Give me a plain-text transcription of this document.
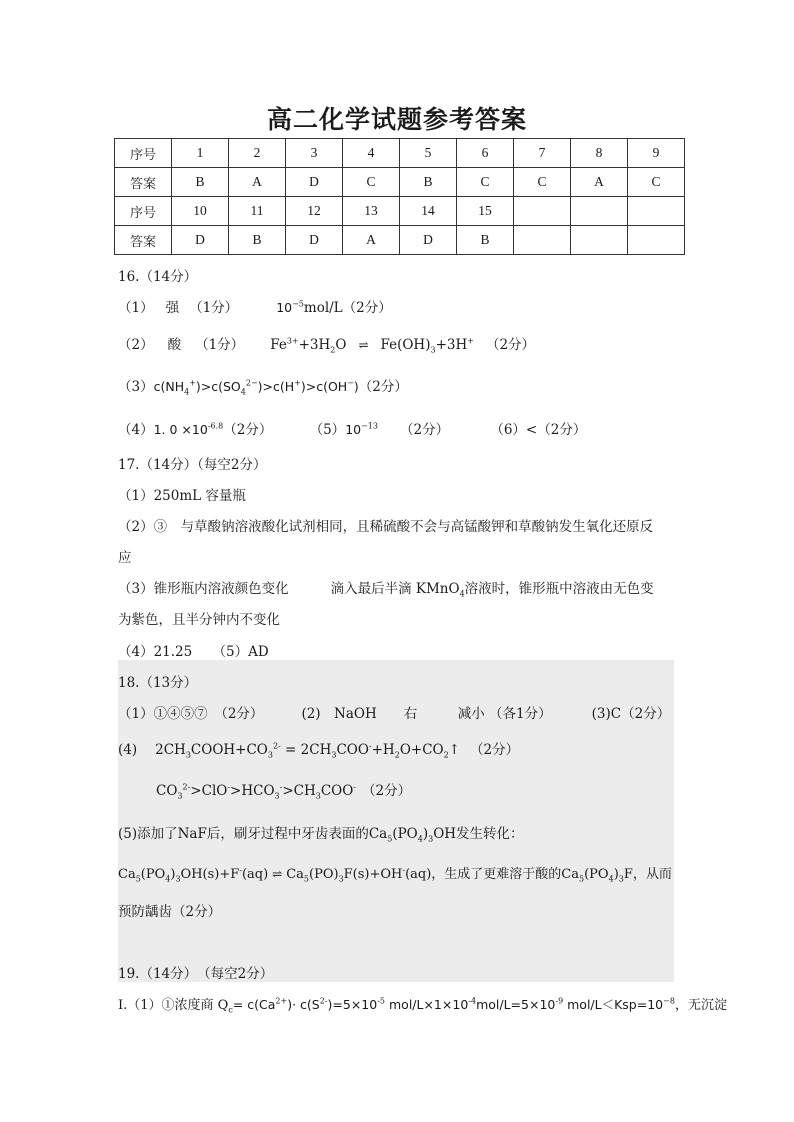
高二化学试题参考答案
序号	1	2	3	4	5	6	7	8	9
答案	B	A	D	C	B	C	C	A	C
序号	10	11	12	13	14	15			
答案	D	B	D	A	D	B			
16.（14分）
（1） 强 （1分）	$10^{-5}mol/L(2$分）
（2） 酸 （1分） $Fe^{3+}+3H_2O$ ⇌ $Fe(OH)_3+3H^+$ （2分）
$(3)c(NH_4^+)>c(SO_4^{2-})>c(H^+)>c(OH^-)(2$分）
（4）1. $0 \times 10^{-6.8}(2$分）	$(5)10^{-13}$ （2分）	（6）<（2分）
17.（14分）（每空2分）
（1）250mL 容量瓶
（2）③　与草酸钠溶液酸化试剂相同，且稀硫酸不会与高锰酸钾和草酸钠发生氧化还原反
应
（3）锥形瓶内溶液颜色变化	滴入最后半滴 KMnO$_4$溶液时，锥形瓶中溶液由无色变
为紫色，且半分钟内不变化
（4）21.25　　（5）AD
18.（13分）
（1）①④⑤⑦　（2分）	(2)　NaOH　　右　　　减小 （各1分）	(3)C（2分）
(4) $2CH_3COOH+CO_3^{2-}$ = $2CH_3COO^-+H_2O+CO_2↑$ （2分）
$CO_3^{2-}>ClO^->HCO_3^->CH_3COO^-$ （2分）
(5)添加了NaF后，刷牙过程中牙齿表面的$Ca_5(PO_4)_3OH$发生转化：
$Ca_5(PO_4)_3OH(s)+F^-(aq)$ ⇌ $Ca_5(PO)_3F(s)+OH^-(aq)$，生成了更难溶于酸的$Ca_5(PO_4)_3F$，从而
预防龋齿（2分）
19.（14分）　（每空2分）
I.（1）①浓度商 $Q_c= c(Ca^{2+})\cdot c(S^{2-})=5\times 10^{-5}$ mol/$L\times 1\times 10^{-4}mol/L=5\times 10^{-9}$ mol/$L<Ksp=10^{-8}$，无沉淀
